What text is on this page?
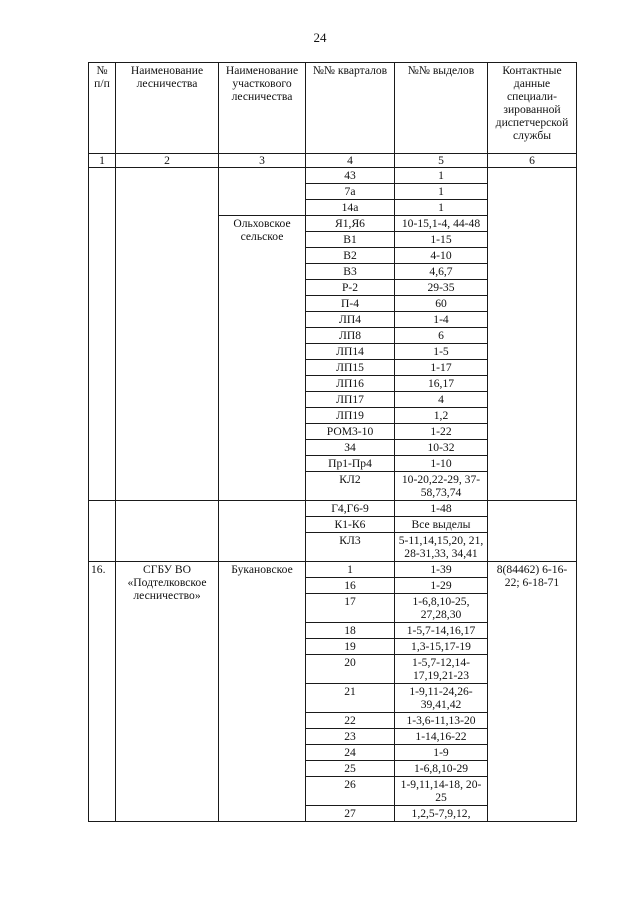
24
№ п/п	Наименование лесничества	Наименование участкового лесничества	№№ кварталов	№№ выделов	Контактные данные специали-зированной диспетчерской службы
1	2	3	4	5	6
			43	1	
			7а	1	
			14а	1	
		Ольховское сельское	Я1,Я6	10-15,1-4, 44-48	
			В1	1-15	
			В2	4-10	
			В3	4,6,7	
			Р-2	29-35	
			П-4	60	
			ЛП4	1-4	
			ЛП8	6	
			ЛП14	1-5	
			ЛП15	1-17	
			ЛП16	16,17	
			ЛП17	4	
			ЛП19	1,2	
			РОМ3-10	1-22	
			З4	10-32	
			Пр1-Пр4	1-10	
			КЛ2	10-20,22-29, 37-58,73,74	
			Г4,Г6-9	1-48	
			К1-К6	Все выделы	
			КЛ3	5-11,14,15,20, 21, 28-31,33, 34,41	
16.	СГБУ ВО «Подтелковское лесничество»	Букановское	1	1-39	8(84462) 6-16-22; 6-18-71
			16	1-29	
			17	1-6,8,10-25, 27,28,30	
			18	1-5,7-14,16,17	
			19	1,3-15,17-19	
			20	1-5,7-12,14-17,19,21-23	
			21	1-9,11-24,26-39,41,42	
			22	1-3,6-11,13-20	
			23	1-14,16-22	
			24	1-9	
			25	1-6,8,10-29	
			26	1-9,11,14-18, 20-25	
			27	1,2,5-7,9,12,	
